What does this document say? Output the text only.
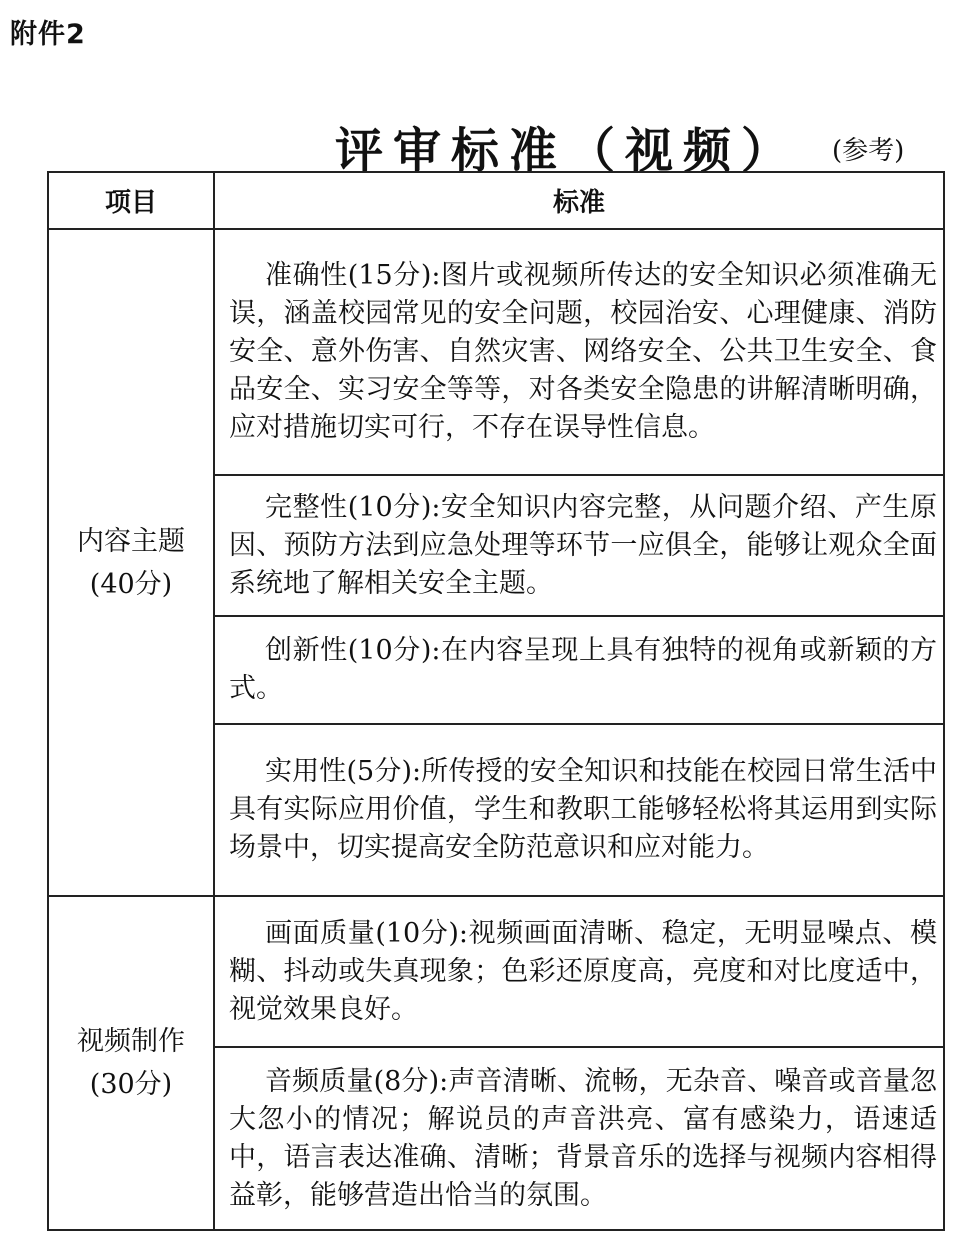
附件2
评审标准（视频） (参考)
项目	标准

内容主题
(40分)	准确性(15分):图片或视频所传达的安全知识必须准确无误，涵盖校园常见的安全问题，校园治安、心理健康、消防安全、意外伤害、自然灾害、网络安全、公共卫生安全、食品安全、实习安全等等，对各类安全隐患的讲解清晰明确，应对措施切实可行，不存在误导性信息。
	完整性(10分):安全知识内容完整，从问题介绍、产生原因、预防方法到应急处理等环节一应俱全，能够让观众全面系统地了解相关安全主题。
	创新性(10分):在内容呈现上具有独特的视角或新颖的方式。
	实用性(5分):所传授的安全知识和技能在校园日常生活中具有实际应用价值，学生和教职工能够轻松将其运用到实际场景中，切实提高安全防范意识和应对能力。

视频制作
(30分)	画面质量(10分):视频画面清晰、稳定，无明显噪点、模糊、抖动或失真现象；色彩还原度高，亮度和对比度适中，视觉效果良好。
	音频质量(8分):声音清晰、流畅，无杂音、噪音或音量忽大忽小的情况；解说员的声音洪亮、富有感染力，语速适中，语言表达准确、清晰；背景音乐的选择与视频内容相得益彰，能够营造出恰当的氛围。
